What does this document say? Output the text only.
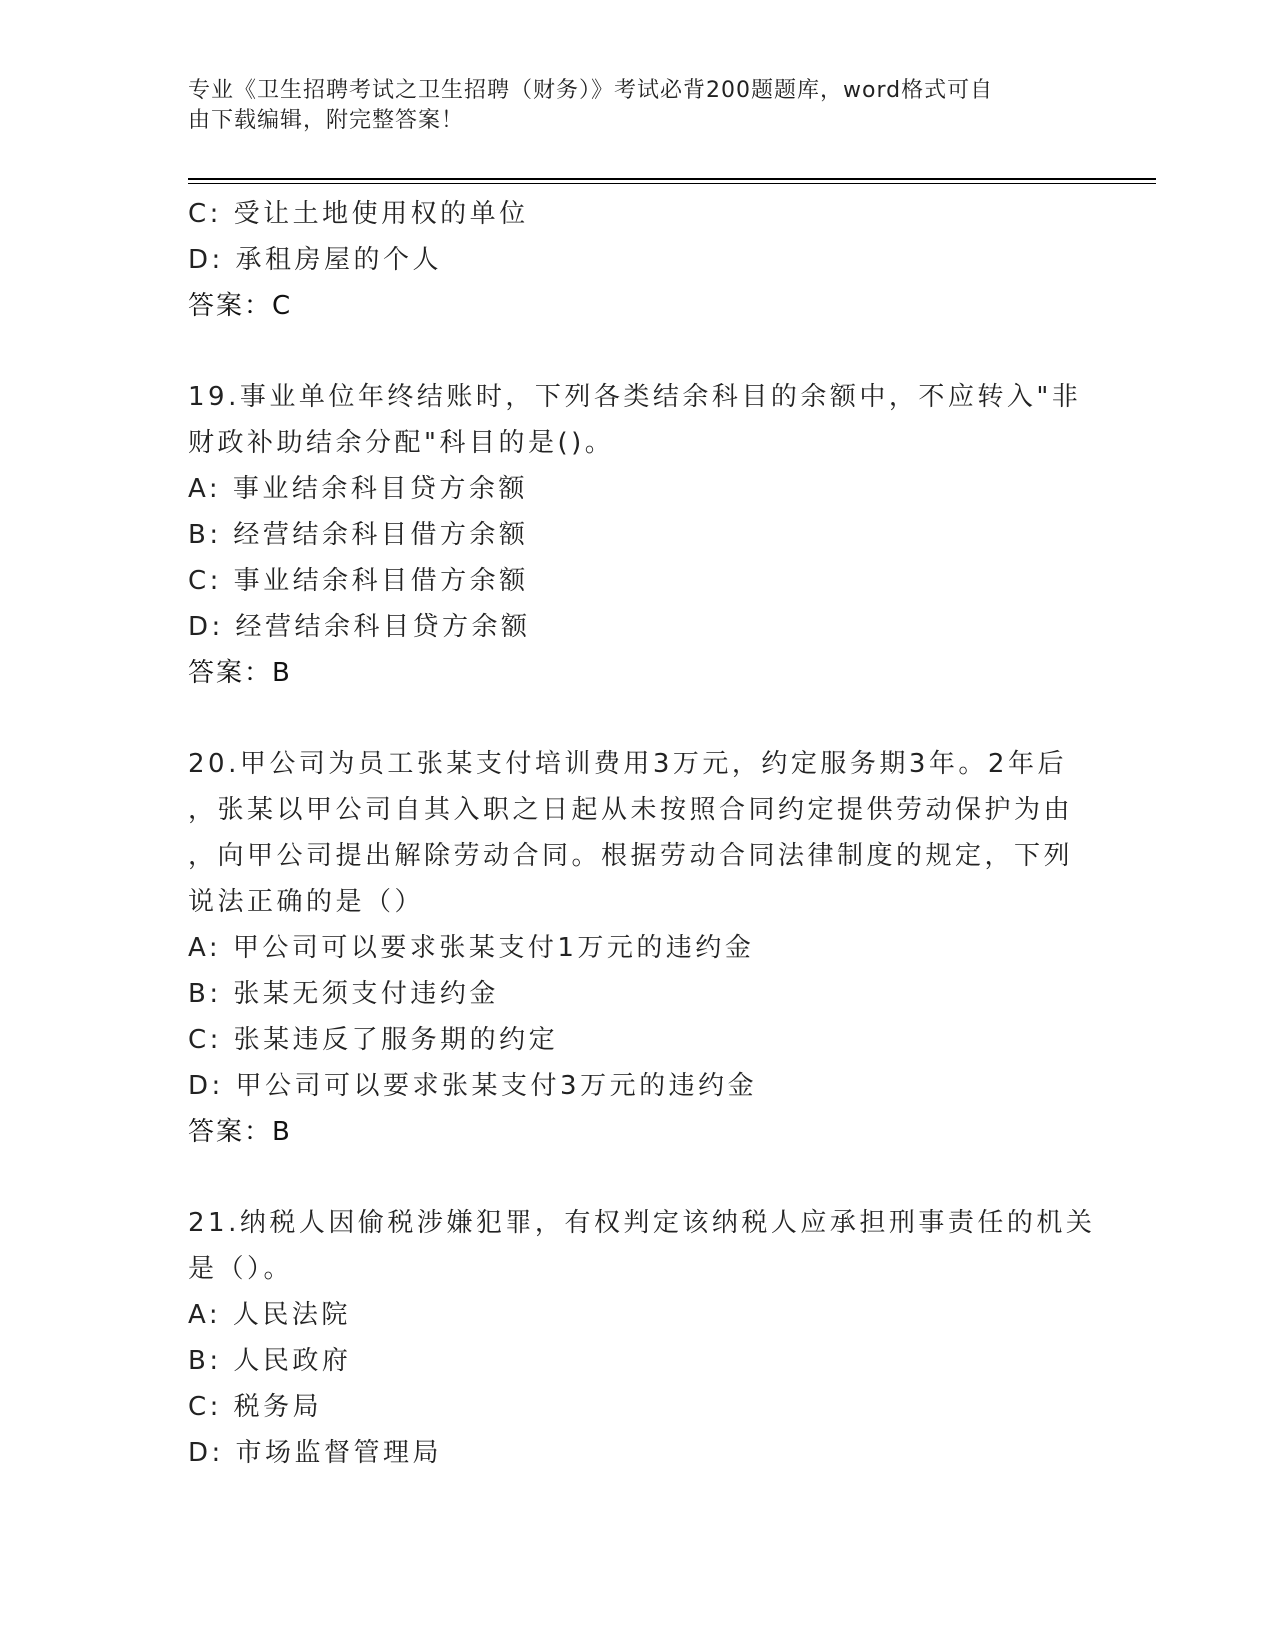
专业《卫生招聘考试之卫生招聘（财务）》考试必背200题题库，word格式可自
由下载编辑，附完整答案！
C: 受让土地使用权的单位
D: 承租房屋的个人
答案：C
19.事业单位年终结账时，下列各类结余科目的余额中，不应转入"非
财政补助结余分配"科目的是()。
A: 事业结余科目贷方余额
B: 经营结余科目借方余额
C: 事业结余科目借方余额
D: 经营结余科目贷方余额
答案：B
20.甲公司为员工张某支付培训费用3万元，约定服务期3年。2年后
，张某以甲公司自其入职之日起从未按照合同约定提供劳动保护为由
，向甲公司提出解除劳动合同。根据劳动合同法律制度的规定，下列
说法正确的是（）
A: 甲公司可以要求张某支付1万元的违约金
B: 张某无须支付违约金
C: 张某违反了服务期的约定
D: 甲公司可以要求张某支付3万元的违约金
答案：B
21.纳税人因偷税涉嫌犯罪，有权判定该纳税人应承担刑事责任的机关
是（）。
A: 人民法院
B: 人民政府
C: 税务局
D: 市场监督管理局
